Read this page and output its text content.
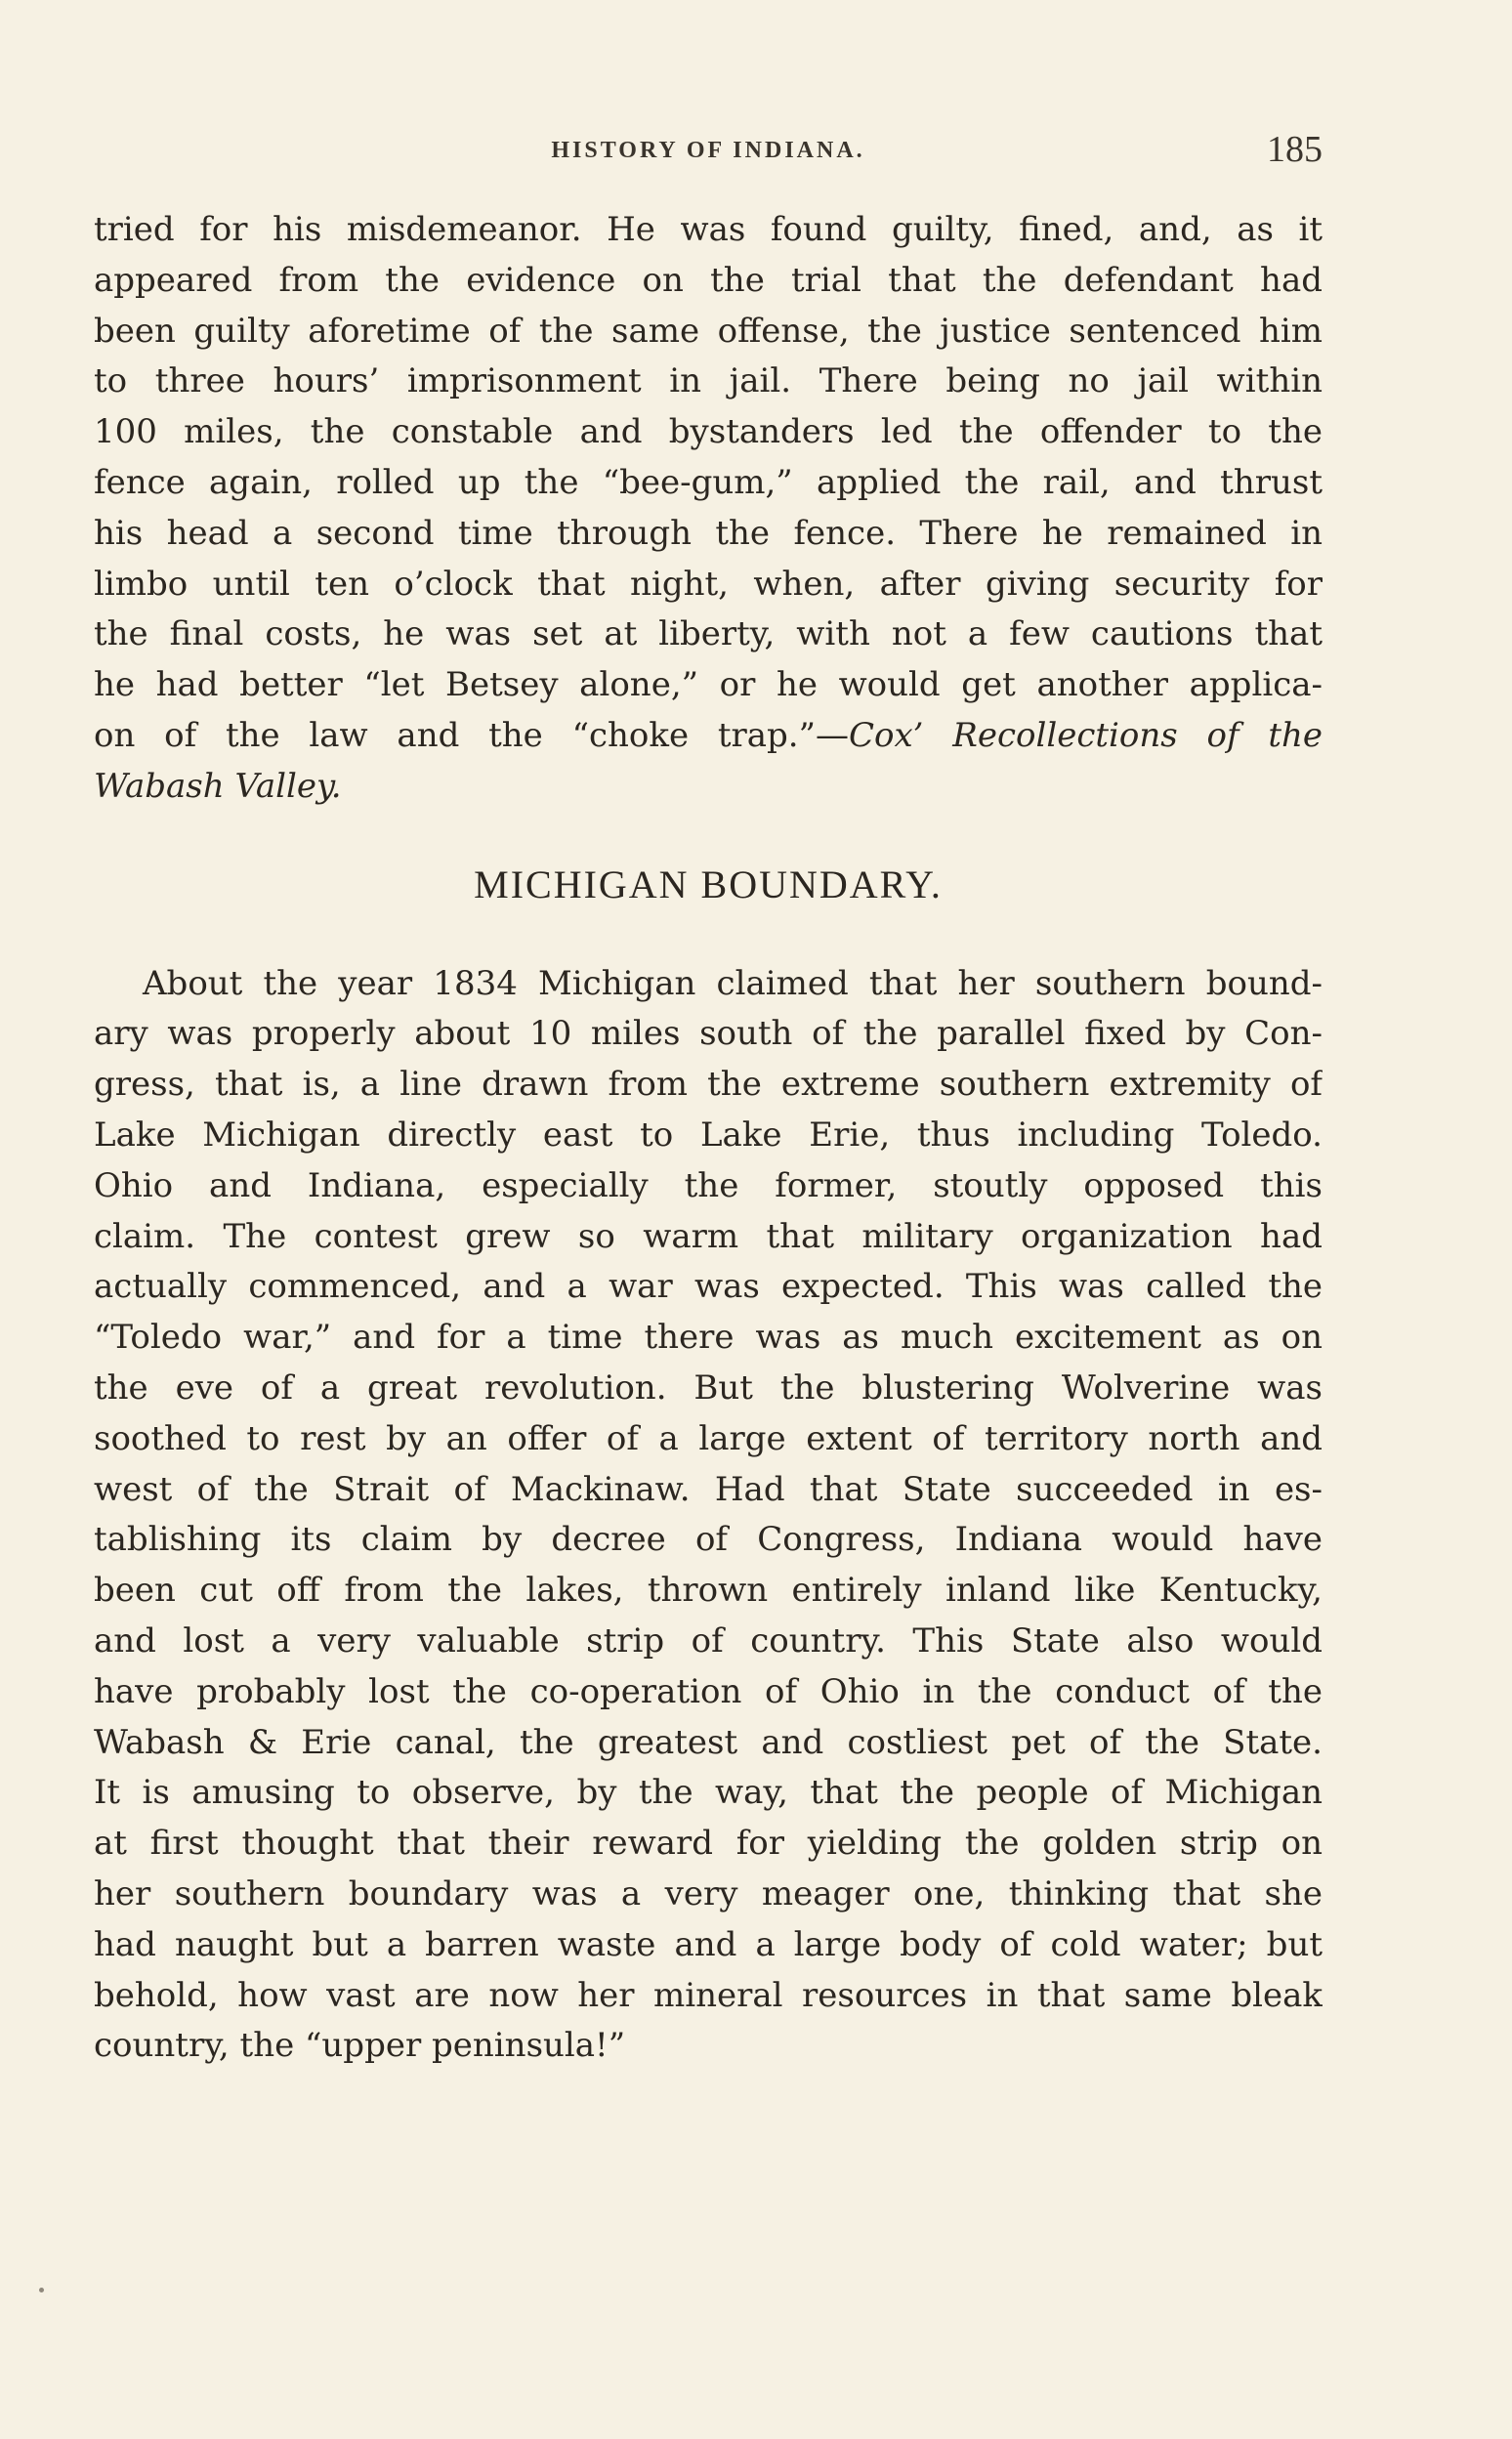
HISTORY OF INDIANA.	185
tried for his misdemeanor. He was found guilty, fined, and, as it
appeared from the evidence on the trial that the defendant had
been guilty aforetime of the same offense, the justice sentenced him
to three hours’ imprisonment in jail. There being no jail within
100 miles, the constable and bystanders led the offender to the
fence again, rolled up the “bee-gum,” applied the rail, and thrust
his head a second time through the fence. There he remained in
limbo until ten o’clock that night, when, after giving security for
the final costs, he was set at liberty, with not a few cautions that
he had better “let Betsey alone,” or he would get another applica-
on of the law and the “choke trap.”—Cox’ Recollections of the
Wabash Valley.
MICHIGAN BOUNDARY.
About the year 1834 Michigan claimed that her southern bound-
ary was properly about 10 miles south of the parallel fixed by Con-
gress, that is, a line drawn from the extreme southern extremity of
Lake Michigan directly east to Lake Erie, thus including Toledo.
Ohio and Indiana, especially the former, stoutly opposed this
claim. The contest grew so warm that military organization had
actually commenced, and a war was expected. This was called the
“Toledo war,” and for a time there was as much excitement as on
the eve of a great revolution. But the blustering Wolverine was
soothed to rest by an offer of a large extent of territory north and
west of the Strait of Mackinaw. Had that State succeeded in es-
tablishing its claim by decree of Congress, Indiana would have
been cut off from the lakes, thrown entirely inland like Kentucky,
and lost a very valuable strip of country. This State also would
have probably lost the co-operation of Ohio in the conduct of the
Wabash & Erie canal, the greatest and costliest pet of the State.
It is amusing to observe, by the way, that the people of Michigan
at first thought that their reward for yielding the golden strip on
her southern boundary was a very meager one, thinking that she
had naught but a barren waste and a large body of cold water; but
behold, how vast are now her mineral resources in that same bleak
country, the “upper peninsula!”
